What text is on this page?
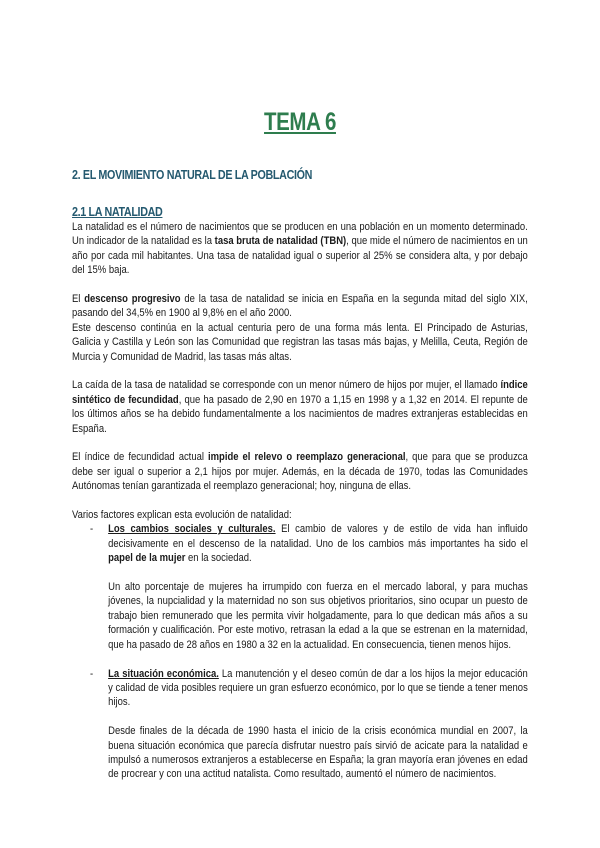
TEMA 6
2. EL MOVIMIENTO NATURAL DE LA POBLACIÓN
2.1 LA NATALIDAD

La natalidad es el número de nacimientos que se producen en una población en un momento determinado. Un indicador de la natalidad es la tasa bruta de natalidad (TBN), que mide el número de nacimientos en un año por cada mil habitantes. Una tasa de natalidad igual o superior al 25% se considera alta, y por debajo del 15% baja.

El descenso progresivo de la tasa de natalidad se inicia en España en la segunda mitad del siglo XIX, pasando del 34,5% en 1900 al 9,8% en el año 2000.

Este descenso continúa en la actual centuria pero de una forma más lenta. El Principado de Asturias, Galicia y Castilla y León son las Comunidad que registran las tasas más bajas, y Melilla, Ceuta, Región de Murcia y Comunidad de Madrid, las tasas más altas.

La caída de la tasa de natalidad se corresponde con un menor número de hijos por mujer, el llamado índice sintético de fecundidad, que ha pasado de 2,90 en 1970 a 1,15 en 1998 y a 1,32 en 2014. El repunte de los últimos años se ha debido fundamentalmente a los nacimientos de madres extranjeras establecidas en España.

El índice de fecundidad actual impide el relevo o reemplazo generacional, que para que se produzca debe ser igual o superior a 2,1 hijos por mujer. Además, en la década de 1970, todas las Comunidades Autónomas tenían garantizada el reemplazo generacional; hoy, ninguna de ellas.

Varios factores explican esta evolución de natalidad:

- Los cambios sociales y culturales. El cambio de valores y de estilo de vida han influido decisivamente en el descenso de la natalidad. Uno de los cambios más importantes ha sido el papel de la mujer en la sociedad.

Un alto porcentaje de mujeres ha irrumpido con fuerza en el mercado laboral, y para muchas jóvenes, la nupcialidad y la maternidad no son sus objetivos prioritarios, sino ocupar un puesto de trabajo bien remunerado que les permita vivir holgadamente, para lo que dedican más años a su formación y cualificación. Por este motivo, retrasan la edad a la que se estrenan en la maternidad, que ha pasado de 28 años en 1980 a 32 en la actualidad. En consecuencia, tienen menos hijos.

- La situación económica. La manutención y el deseo común de dar a los hijos la mejor educación y calidad de vida posibles requiere un gran esfuerzo económico, por lo que se tiende a tener menos hijos.

Desde finales de la década de 1990 hasta el inicio de la crisis económica mundial en 2007, la buena situación económica que parecía disfrutar nuestro país sirvió de acicate para la natalidad e impulsó a numerosos extranjeros a establecerse en España; la gran mayoría eran jóvenes en edad de procrear y con una actitud natalista. Como resultado, aumentó el número de nacimientos.
